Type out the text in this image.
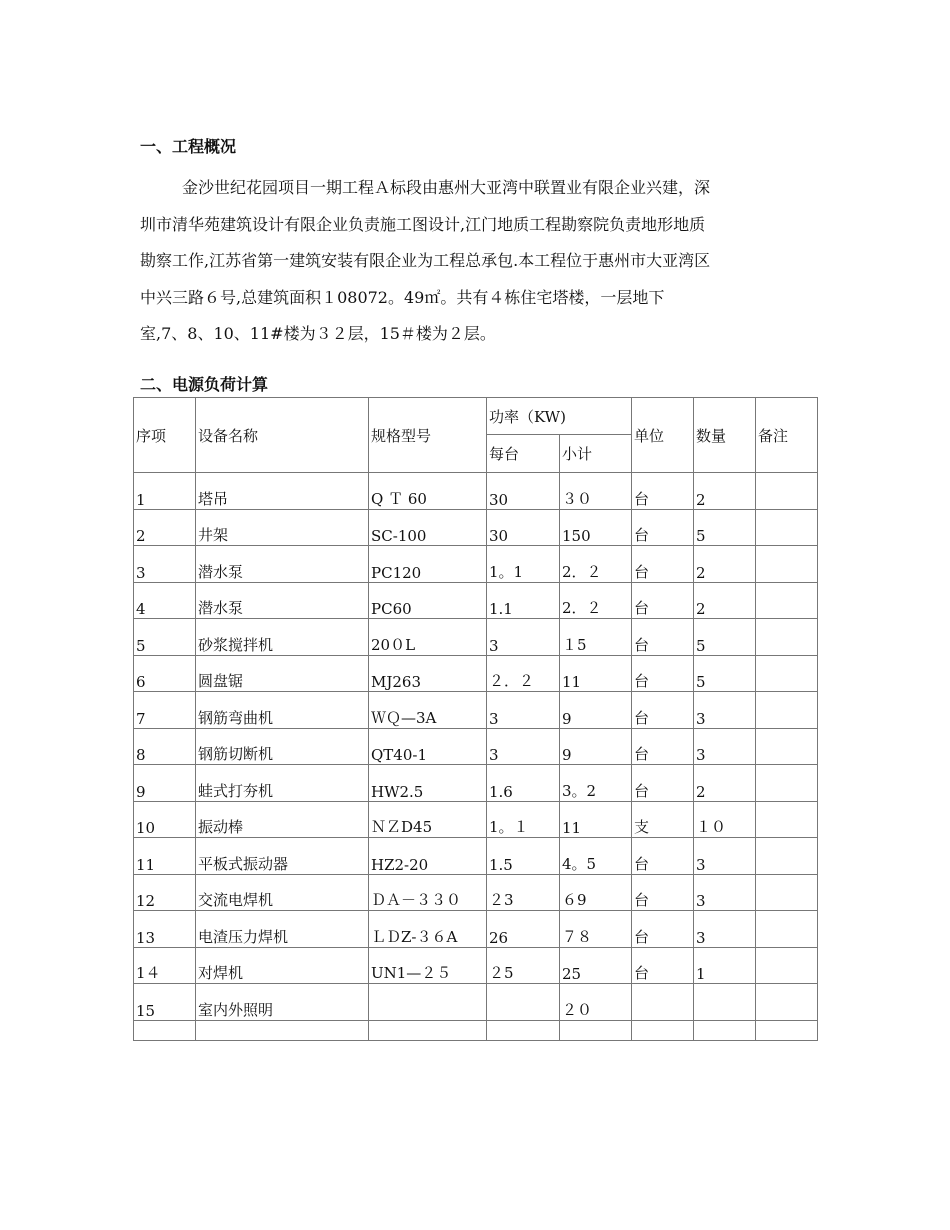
一、工程概况
金沙世纪花园项目一期工程Ａ标段由惠州大亚湾中联置业有限企业兴建，深
圳市清华苑建筑设计有限企业负责施工图设计,江门地质工程勘察院负责地形地质
勘察工作,江苏省第一建筑安装有限企业为工程总承包.本工程位于惠州市大亚湾区
中兴三路６号,总建筑面积１08072。49㎡。共有４栋住宅塔楼，一层地下
室,7、8、10、11#楼为３２层，15＃楼为２层。
二、电源负荷计算
序项	设备名称	规格型号	功率（KW)		单位	数量	备注
			每台	小计			
1	塔吊	Q Ｔ 60	30	３０	台	2	
2	井架	SC-100	30	150	台	5	
3	潜水泵	PC120	1。1	2．２	台	2	
4	潜水泵	PC60	1.1	2．２	台	2	
5	砂浆搅拌机	20０L	3	１5	台	5	
6	圆盘锯	MJ263	２．２	11	台	5	
7	钢筋弯曲机	ＷＱ—3A	3	9	台	3	
8	钢筋切断机	QT40-1	3	9	台	3	
9	蛙式打夯机	HW2.5	1.6	3。2	台	2	
10	振动棒	ＮＺD45	1。１	11	支	１０	
11	平板式振动器	HZ2-20	1.5	4。5	台	3	
12	交流电焊机	ＤＡ－３３０	２3	６9	台	3	
13	电渣压力焊机	ＬＤZ-３６A	26	７８	台	3	
1４	对焊机	UN1—２５	２5	25	台	1	
15	室内外照明			２０			
